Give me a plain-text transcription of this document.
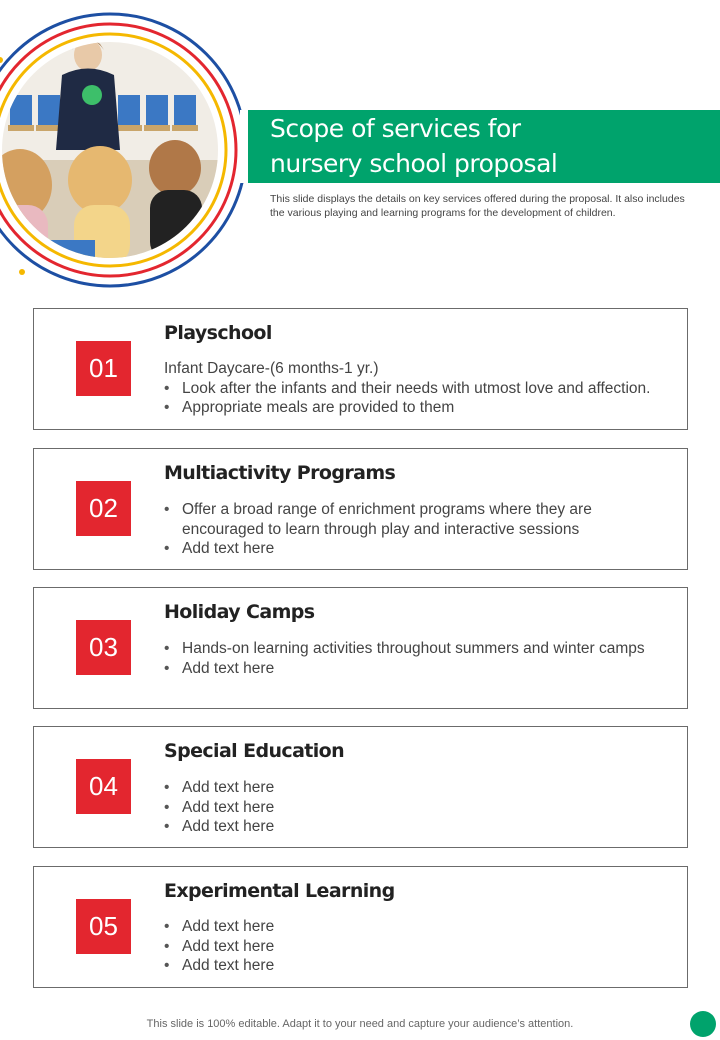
Scope of services for
nursery school proposal
This slide displays the details on key services offered during the proposal. It also includes the various playing and learning programs for the development of children.
01
Playschool

Infant Daycare-(6 months-1 yr.)

• Look after the infants and their needs with utmost love and affection.
• Appropriate meals are provided to them
02
Multiactivity Programs
• Offer a broad range of enrichment programs where they are encouraged to learn through play and interactive sessions
• Add text here
03
Holiday Camps
• Hands-on learning activities throughout summers and winter camps
• Add text here
04
Special Education
• Add text here
• Add text here
• Add text here
05
Experimental Learning
• Add text here
• Add text here
• Add text here
This slide is 100% editable. Adapt it to your need and capture your audience’s attention.
